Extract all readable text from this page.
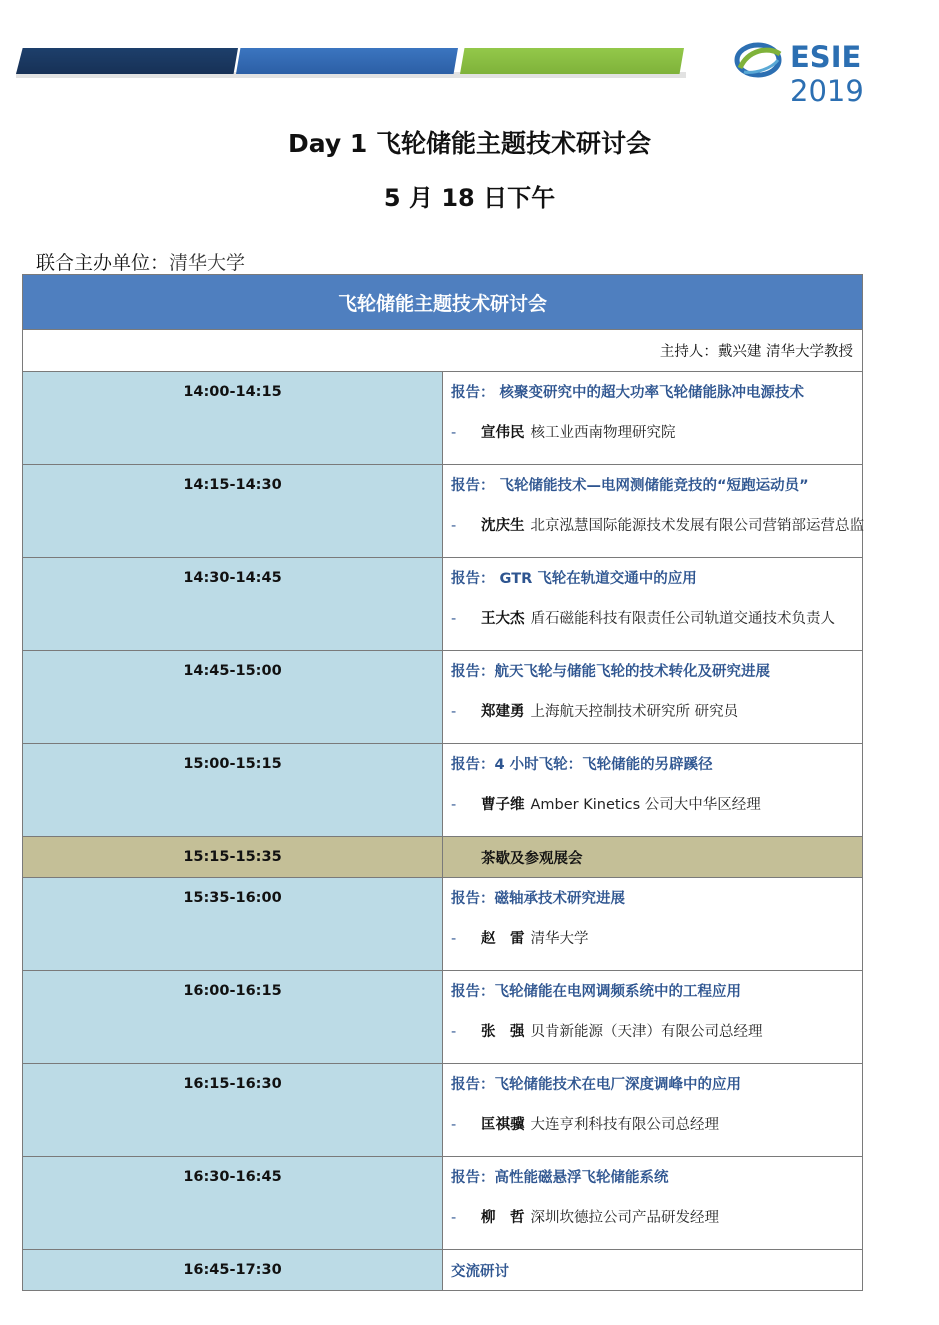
ESIE 2019
Day 1 飞轮储能主题技术研讨会
5 月 18 日下午
联合主办单位：清华大学
飞轮储能主题技术研讨会	
主持人：戴兴建 清华大学教授	
14:00-14:15	报告： 核聚变研究中的超大功率飞轮储能脉冲电源技术
- 宣伟民 核工业西南物理研究院

14:15-14:30	报告： 飞轮储能技术—电网测储能竞技的“短跑运动员”
- 沈庆生 北京泓慧国际能源技术发展有限公司营销部运营总监

14:30-14:45	报告： GTR 飞轮在轨道交通中的应用
- 王大杰 盾石磁能科技有限责任公司轨道交通技术负责人

14:45-15:00	报告：航天飞轮与储能飞轮的技术转化及研究进展
- 郑建勇 上海航天控制技术研究所 研究员

15:00-15:15	报告：4 小时飞轮：飞轮储能的另辟蹊径
- 曹子维 Amber Kinetics 公司大中华区经理

15:15-15:35	茶歇及参观展会
15:35-16:00	报告：磁轴承技术研究进展
- 赵　雷 清华大学

16:00-16:15	报告：飞轮储能在电网调频系统中的工程应用
- 张　强 贝肯新能源（天津）有限公司总经理

16:15-16:30	报告：飞轮储能技术在电厂深度调峰中的应用
- 匡祺骥 大连亨利科技有限公司总经理

16:30-16:45	报告：高性能磁悬浮飞轮储能系统
- 柳　哲 深圳坎德拉公司产品研发经理

16:45-17:30	交流研讨
